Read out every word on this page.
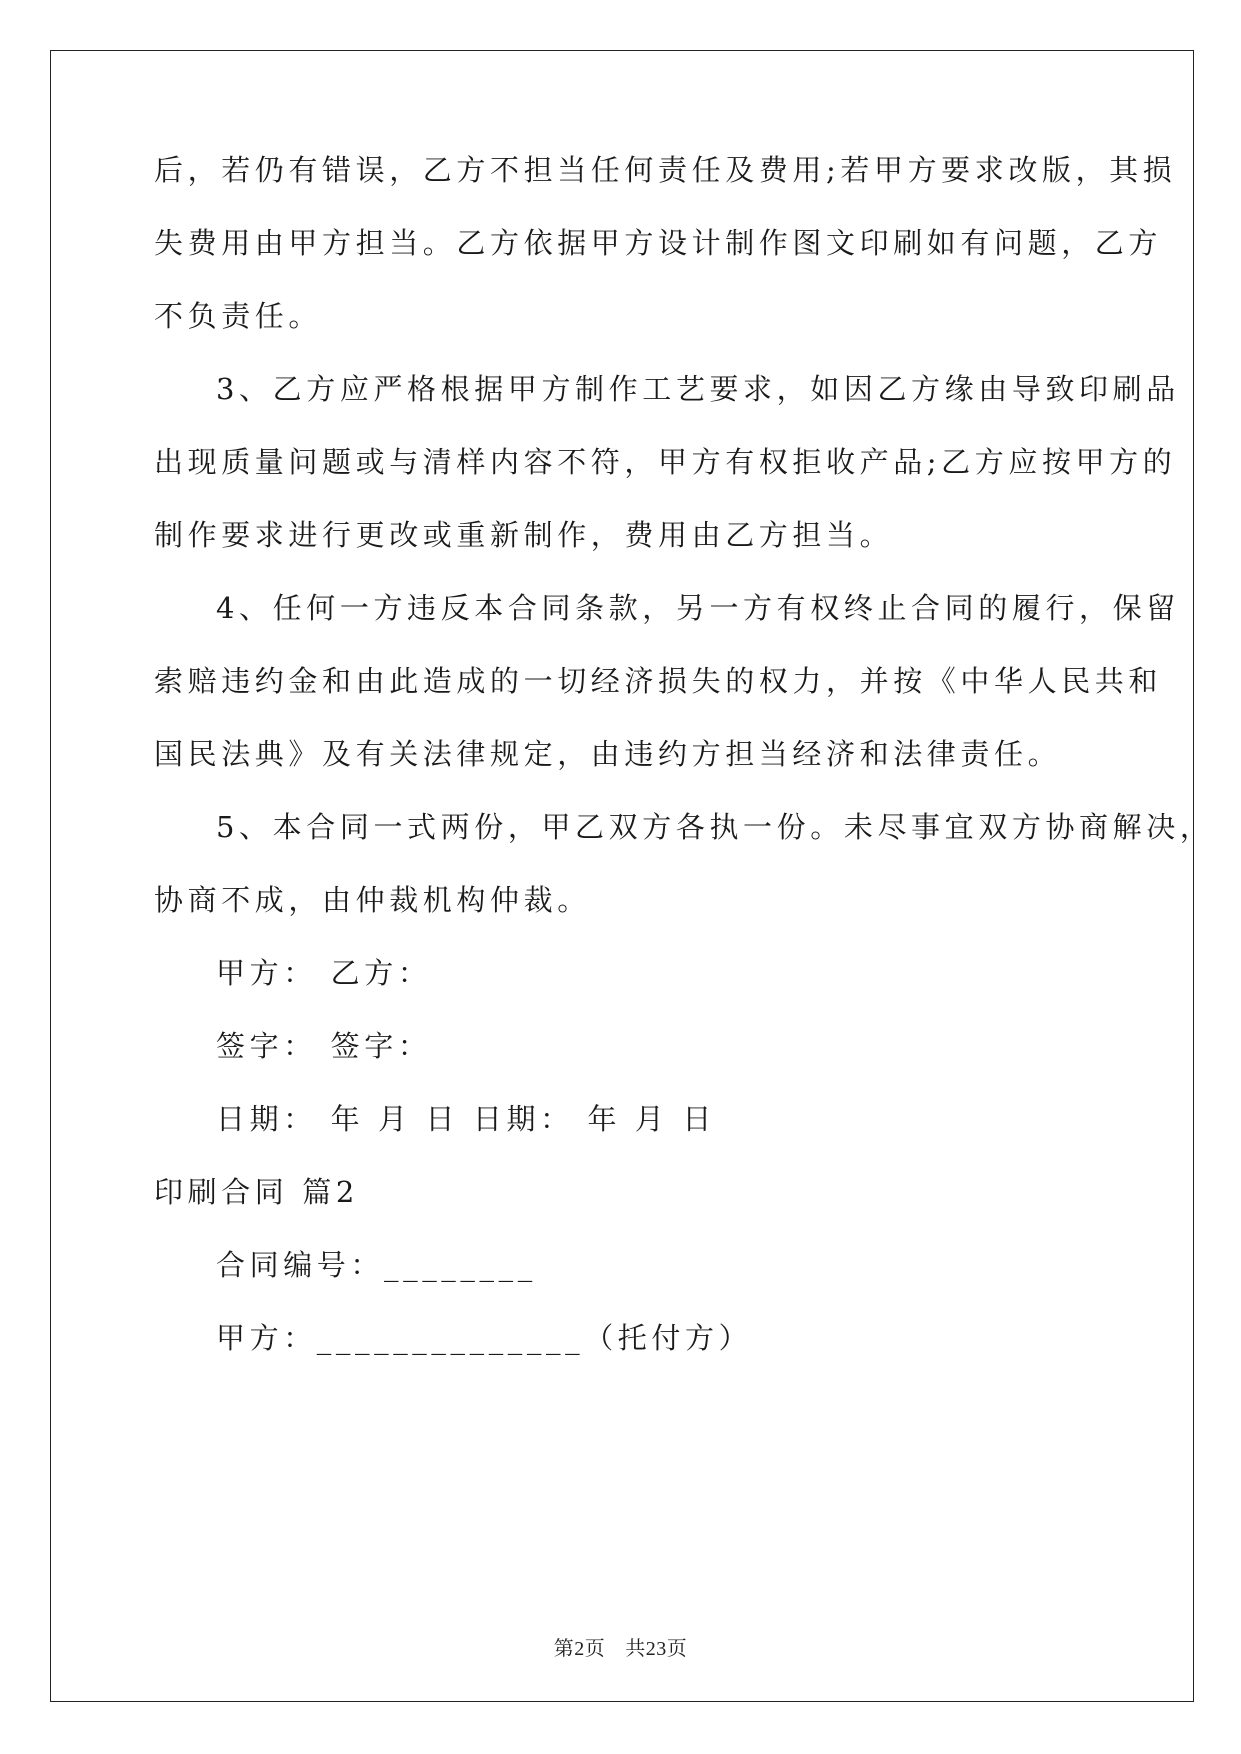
后，若仍有错误，乙方不担当任何责任及费用;若甲方要求改版，其损
失费用由甲方担当。乙方依据甲方设计制作图文印刷如有问题，乙方
不负责任。
3、乙方应严格根据甲方制作工艺要求，如因乙方缘由导致印刷品
出现质量问题或与清样内容不符，甲方有权拒收产品;乙方应按甲方的
制作要求进行更改或重新制作，费用由乙方担当。
4、任何一方违反本合同条款，另一方有权终止合同的履行，保留
索赔违约金和由此造成的一切经济损失的权力，并按《中华人民共和
国民法典》及有关法律规定，由违约方担当经济和法律责任。
5、本合同一式两份，甲乙双方各执一份。未尽事宜双方协商解决，
协商不成，由仲裁机构仲裁。
甲方： 乙方：
签字： 签字：
日期： 年 月 日 日期： 年 月 日
印刷合同 篇2
合同编号：________
甲方：______________（托付方）
第2页 共23页
